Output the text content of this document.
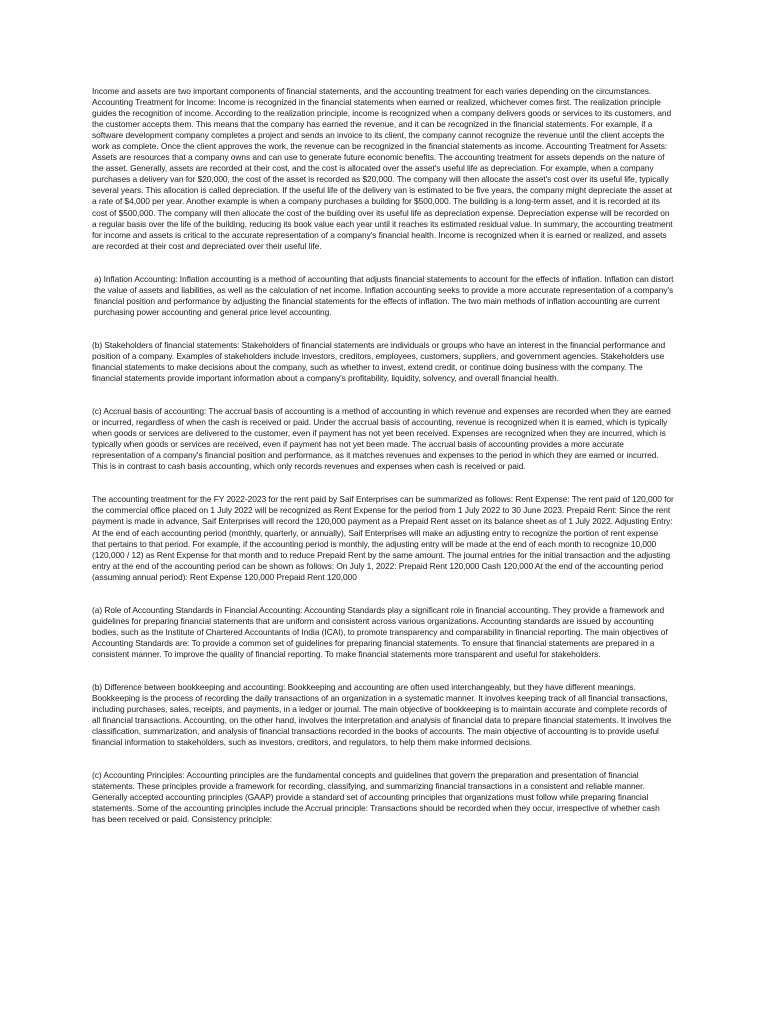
Income and assets are two important components of financial statements, and the accounting treatment for each varies depending on the circumstances. Accounting Treatment for Income: Income is recognized in the financial statements when earned or realized, whichever comes first. The realization principle guides the recognition of income. According to the realization principle, income is recognized when a company delivers goods or services to its customers, and the customer accepts them. This means that the company has earned the revenue, and it can be recognized in the financial statements. For example, if a software development company completes a project and sends an invoice to its client, the company cannot recognize the revenue until the client accepts the work as complete. Once the client approves the work, the revenue can be recognized in the financial statements as income. Accounting Treatment for Assets: Assets are resources that a company owns and can use to generate future economic benefits. The accounting treatment for assets depends on the nature of the asset. Generally, assets are recorded at their cost, and the cost is allocated over the asset's useful life as depreciation. For example, when a company purchases a delivery van for $20,000, the cost of the asset is recorded as $20,000. The company will then allocate the asset's cost over its useful life, typically several years. This allocation is called depreciation. If the useful life of the delivery van is estimated to be five years, the company might depreciate the asset at a rate of $4,000 per year. Another example is when a company purchases a building for $500,000. The building is a long-term asset, and it is recorded at its cost of $500,000. The company will then allocate the cost of the building over its useful life as depreciation expense. Depreciation expense will be recorded on a regular basis over the life of the building, reducing its book value each year until it reaches its estimated residual value. In summary, the accounting treatment for income and assets is critical to the accurate representation of a company's financial health. Income is recognized when it is earned or realized, and assets are recorded at their cost and depreciated over their useful life.

a) Inflation Accounting: Inflation accounting is a method of accounting that adjusts financial statements to account for the effects of inflation. Inflation can distort the value of assets and liabilities, as well as the calculation of net income. Inflation accounting seeks to provide a more accurate representation of a company's financial position and performance by adjusting the financial statements for the effects of inflation. The two main methods of inflation accounting are current purchasing power accounting and general price level accounting.

(b) Stakeholders of financial statements: Stakeholders of financial statements are individuals or groups who have an interest in the financial performance and position of a company. Examples of stakeholders include investors, creditors, employees, customers, suppliers, and government agencies. Stakeholders use financial statements to make decisions about the company, such as whether to invest, extend credit, or continue doing business with the company. The financial statements provide important information about a company's profitability, liquidity, solvency, and overall financial health.

(c) Accrual basis of accounting: The accrual basis of accounting is a method of accounting in which revenue and expenses are recorded when they are earned or incurred, regardless of when the cash is received or paid. Under the accrual basis of accounting, revenue is recognized when it is earned, which is typically when goods or services are delivered to the customer, even if payment has not yet been received. Expenses are recognized when they are incurred, which is typically when goods or services are received, even if payment has not yet been made. The accrual basis of accounting provides a more accurate representation of a company's financial position and performance, as it matches revenues and expenses to the period in which they are earned or incurred. This is in contrast to cash basis accounting, which only records revenues and expenses when cash is received or paid.

The accounting treatment for the FY 2022-2023 for the rent paid by Saif Enterprises can be summarized as follows: Rent Expense: The rent paid of 120,000 for the commercial office placed on 1 July 2022 will be recognized as Rent Expense for the period from 1 July 2022 to 30 June 2023. Prepaid Rent: Since the rent payment is made in advance, Saif Enterprises will record the 120,000 payment as a Prepaid Rent asset on its balance sheet as of 1 July 2022. Adjusting Entry: At the end of each accounting period (monthly, quarterly, or annually), Saif Enterprises will make an adjusting entry to recognize the portion of rent expense that pertains to that period. For example, if the accounting period is monthly, the adjusting entry will be made at the end of each month to recognize 10,000 (120,000 / 12) as Rent Expense for that month and to reduce Prepaid Rent by the same amount. The journal entries for the initial transaction and the adjusting entry at the end of the accounting period can be shown as follows: On July 1, 2022: Prepaid Rent 120,000 Cash 120,000 At the end of the accounting period (assuming annual period): Rent Expense 120,000 Prepaid Rent 120,000

(a) Role of Accounting Standards in Financial Accounting: Accounting Standards play a significant role in financial accounting. They provide a framework and guidelines for preparing financial statements that are uniform and consistent across various organizations. Accounting standards are issued by accounting bodies, such as the Institute of Chartered Accountants of India (ICAI), to promote transparency and comparability in financial reporting. The main objectives of Accounting Standards are: To provide a common set of guidelines for preparing financial statements. To ensure that financial statements are prepared in a consistent manner. To improve the quality of financial reporting. To make financial statements more transparent and useful for stakeholders.

(b) Difference between bookkeeping and accounting: Bookkeeping and accounting are often used interchangeably, but they have different meanings. Bookkeeping is the process of recording the daily transactions of an organization in a systematic manner. It involves keeping track of all financial transactions, including purchases, sales, receipts, and payments, in a ledger or journal. The main objective of bookkeeping is to maintain accurate and complete records of all financial transactions. Accounting, on the other hand, involves the interpretation and analysis of financial data to prepare financial statements. It involves the classification, summarization, and analysis of financial transactions recorded in the books of accounts. The main objective of accounting is to provide useful financial information to stakeholders, such as investors, creditors, and regulators, to help them make informed decisions.

(c) Accounting Principles: Accounting principles are the fundamental concepts and guidelines that govern the preparation and presentation of financial statements. These principles provide a framework for recording, classifying, and summarizing financial transactions in a consistent and reliable manner. Generally accepted accounting principles (GAAP) provide a standard set of accounting principles that organizations must follow while preparing financial statements. Some of the accounting principles include the Accrual principle: Transactions should be recorded when they occur, irrespective of whether cash has been received or paid. Consistency principle:
